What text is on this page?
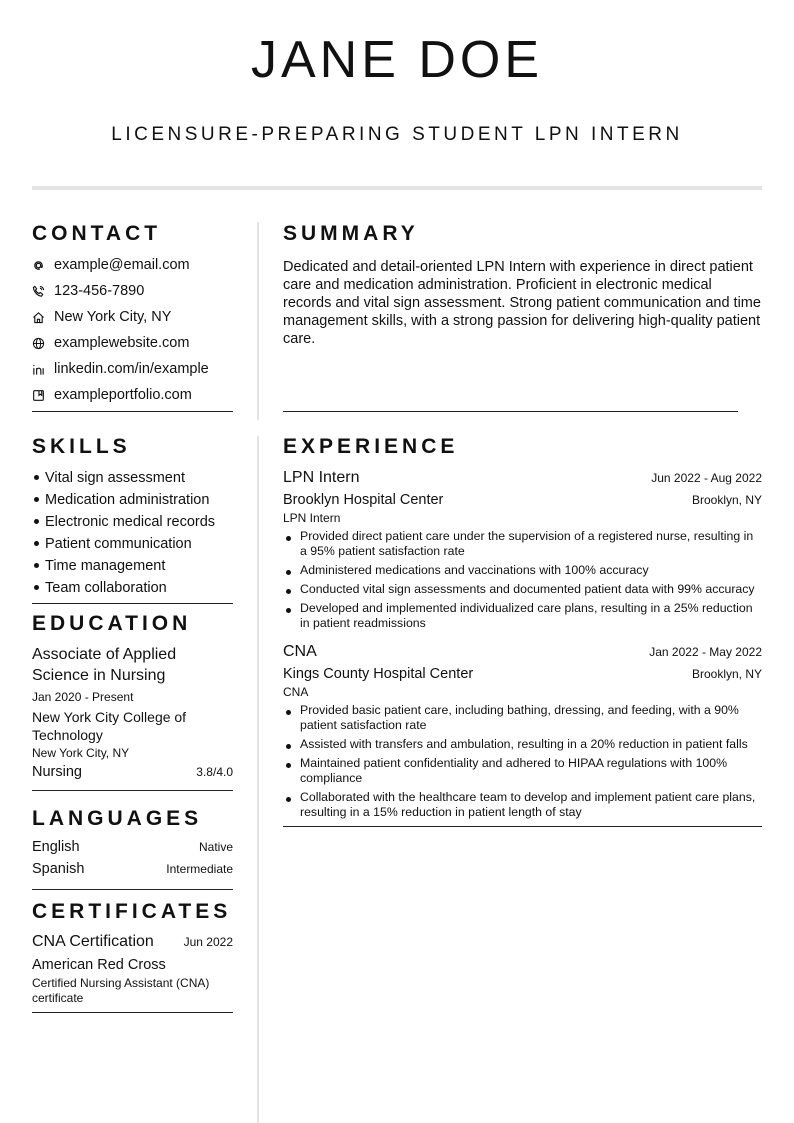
JANE DOE
LICENSURE-PREPARING STUDENT LPN INTERN
CONTACT
example@email.com
123-456-7890
New York City, NY
examplewebsite.com
linkedin.com/in/example
exampleportfolio.com
SKILLS
Vital sign assessment
Medication administration
Electronic medical records
Patient communication
Time management
Team collaboration
EDUCATION
Associate of Applied Science in Nursing
Jan 2020 - Present
New York City College of Technology
New York City, NY
Nursing	3.8/4.0
LANGUAGES
English	Native
Spanish	Intermediate
CERTIFICATES
CNA Certification Jun 2022
American Red Cross
Certified Nursing Assistant (CNA) certificate
SUMMARY
Dedicated and detail-oriented LPN Intern with experience in direct patient care and medication administration. Proficient in electronic medical records and vital sign assessment. Strong patient communication and time management skills, with a strong passion for delivering high-quality patient care.
EXPERIENCE
LPN Intern	Jun 2022 - Aug 2022
Brooklyn Hospital Center	Brooklyn, NY
LPN Intern
Provided direct patient care under the supervision of a registered nurse, resulting in a 95% patient satisfaction rate
Administered medications and vaccinations with 100% accuracy
Conducted vital sign assessments and documented patient data with 99% accuracy
Developed and implemented individualized care plans, resulting in a 25% reduction in patient readmissions
CNA	Jan 2022 - May 2022
Kings County Hospital Center	Brooklyn, NY
CNA
Provided basic patient care, including bathing, dressing, and feeding, with a 90% patient satisfaction rate
Assisted with transfers and ambulation, resulting in a 20% reduction in patient falls
Maintained patient confidentiality and adhered to HIPAA regulations with 100% compliance
Collaborated with the healthcare team to develop and implement patient care plans, resulting in a 15% reduction in patient length of stay
